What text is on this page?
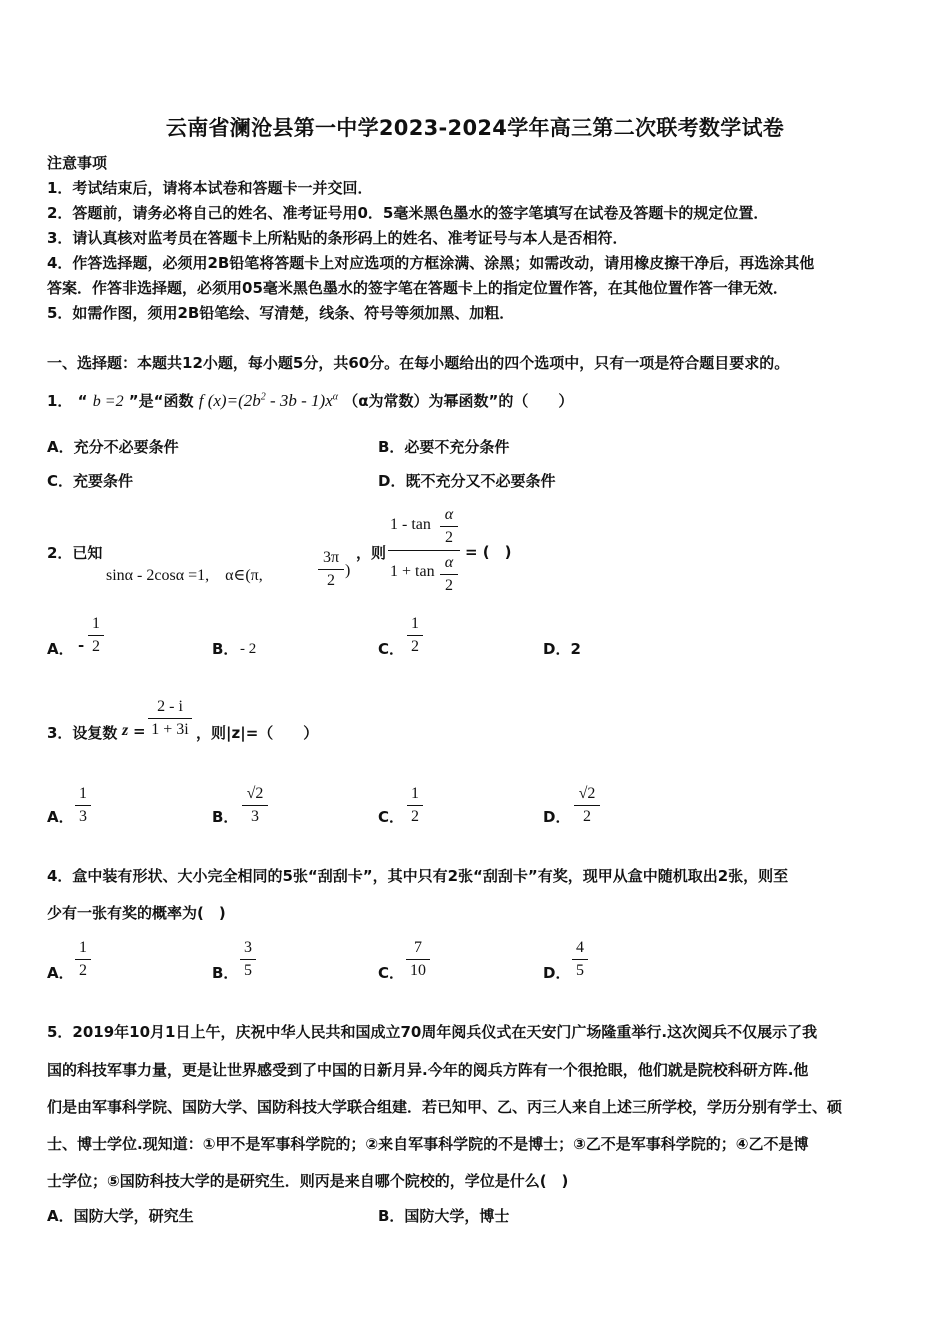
云南省澜沧县第一中学2023-2024学年高三第二次联考数学试卷
注意事项
1．考试结束后，请将本试卷和答题卡一并交回．
2．答题前，请务必将自己的姓名、准考证号用0．5毫米黑色墨水的签字笔填写在试卷及答题卡的规定位置．
3．请认真核对监考员在答题卡上所粘贴的条形码上的姓名、准考证号与本人是否相符．
4．作答选择题，必须用2B铅笔将答题卡上对应选项的方框涂满、涂黑；如需改动，请用橡皮擦干净后，再选涂其他
答案．作答非选择题，必须用05毫米黑色墨水的签字笔在答题卡上的指定位置作答，在其他位置作答一律无效．
5．如需作图，须用2B铅笔绘、写清楚，线条、符号等须加黑、加粗．
一、选择题：本题共12小题，每小题5分，共60分。在每小题给出的四个选项中，只有一项是符合题目要求的。
1． “ b =2 ”是“函数 f $(x)=(2b^2 - 3b - 1)x^\alpha$ （α为常数）为幂函数”的（　　）
A．充分不必要条件	B．必要不充分条件
C．充要条件	D．既不充分又不必要条件
2．已知
sinα - 2cosα =1,　α∈(π,
3π
2
)
，则
1 - tan
α
2
1 + tan
α
2
= (　)
A． -
1
2	B． - 2	C．
1
2	D．2
3．设复数 z =
2 - i
1 + 3i ，则|z|=（　　）
A．
1
3	B．
√2
3	C．
1
2	D．
√2
2
4．盒中装有形状、大小完全相同的5张“刮刮卡”，其中只有2张“刮刮卡”有奖，现甲从盒中随机取出2张，则至
少有一张有奖的概率为(　)
A．
1
2	B．
3
5	C．
7
10	D．
4
5
5．2019年10月1日上午，庆祝中华人民共和国成立70周年阅兵仪式在天安门广场隆重举行.这次阅兵不仅展示了我
国的科技军事力量，更是让世界感受到了中国的日新月异.今年的阅兵方阵有一个很抢眼，他们就是院校科研方阵.他
们是由军事科学院、国防大学、国防科技大学联合组建．若已知甲、乙、丙三人来自上述三所学校，学历分别有学士、硕
士、博士学位.现知道：①甲不是军事科学院的；②来自军事科学院的不是博士；③乙不是军事科学院的；④乙不是博
士学位；⑤国防科技大学的是研究生．则丙是来自哪个院校的，学位是什么(　)
A．国防大学，研究生	B．国防大学，博士
